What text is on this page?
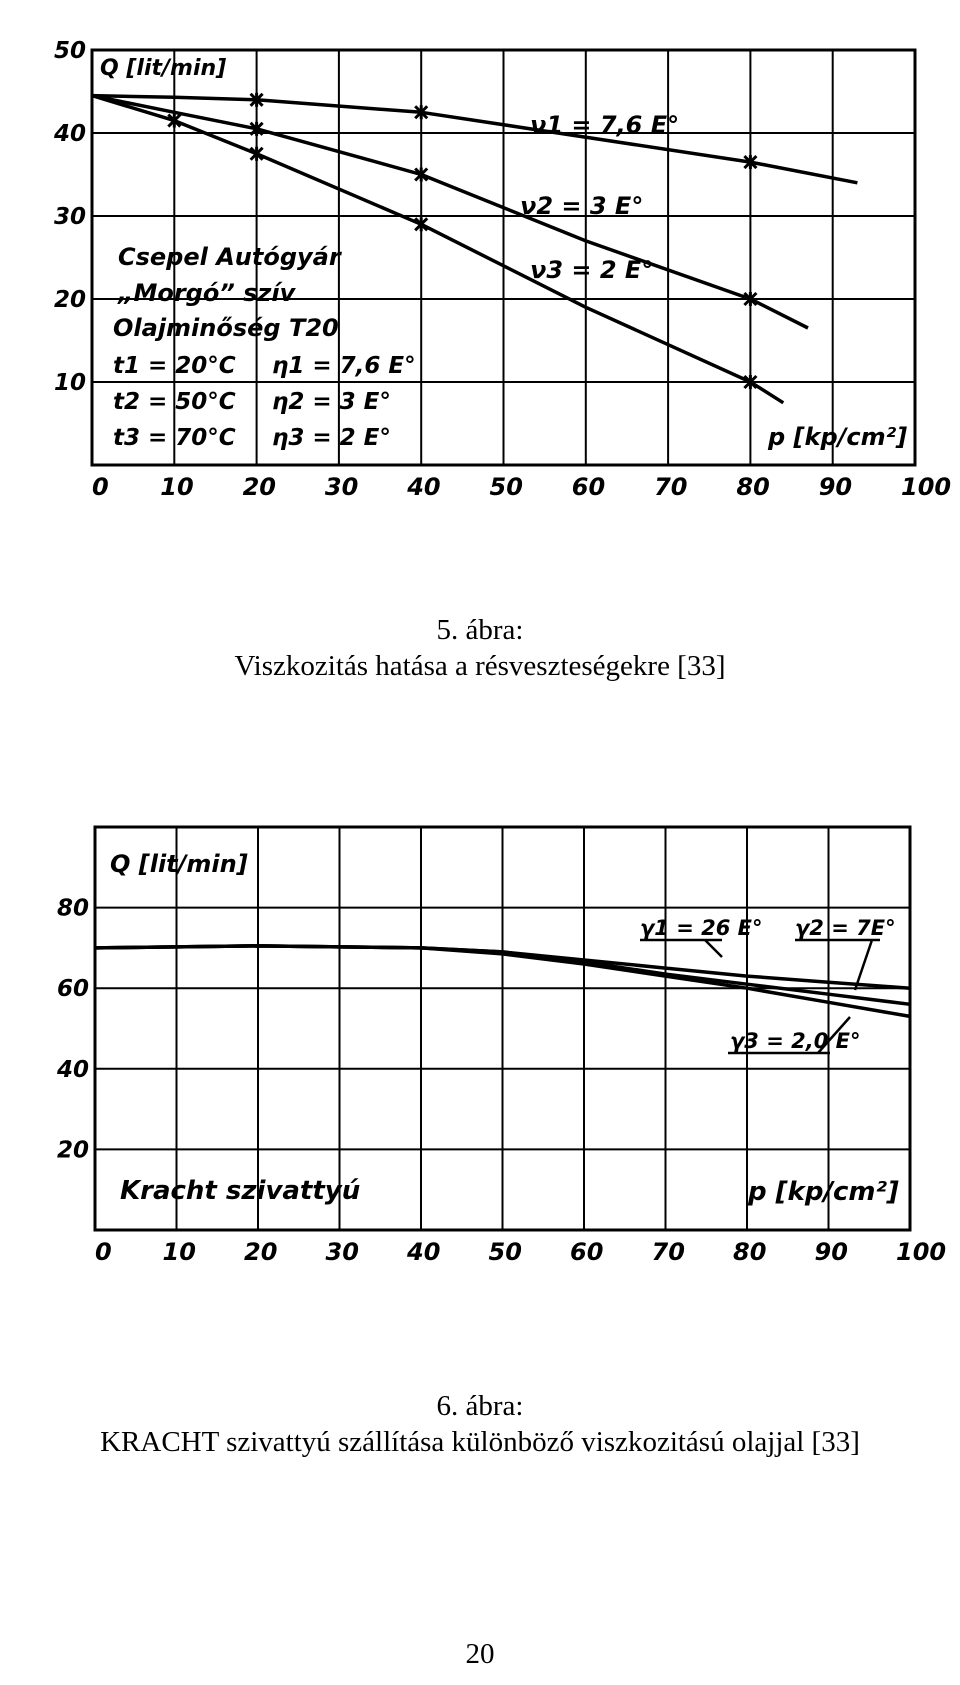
0 10 20 30 40 50 60 70 80 90 100
50
40
30
20
10
Q [lit/min]
p [kp/cm²]
Csepel Autógyár
„Morgó” szív
Olajminőség T20
t1 = 20°C
t2 = 50°C
t3 = 70°C
η1 = 7,6 E°
η2 = 3 E°
η3 = 2 E°
ν1 = 7,6 E°
ν2 = 3 E°
ν3 = 2 E°
5. ábra:
Viszkozitás hatása a résveszteségekre [33]
0 10 20 30 40 50 60 70 80 90 100
80
60
40
20
Q [lit/min]
p [kp/cm²]
Kracht szivattyú
γ1 = 26 E° γ2 = 7E°
γ3 = 2,0 E°
6. ábra:
KRACHT szivattyú szállítása különböző viszkozitású olajjal [33]
20
